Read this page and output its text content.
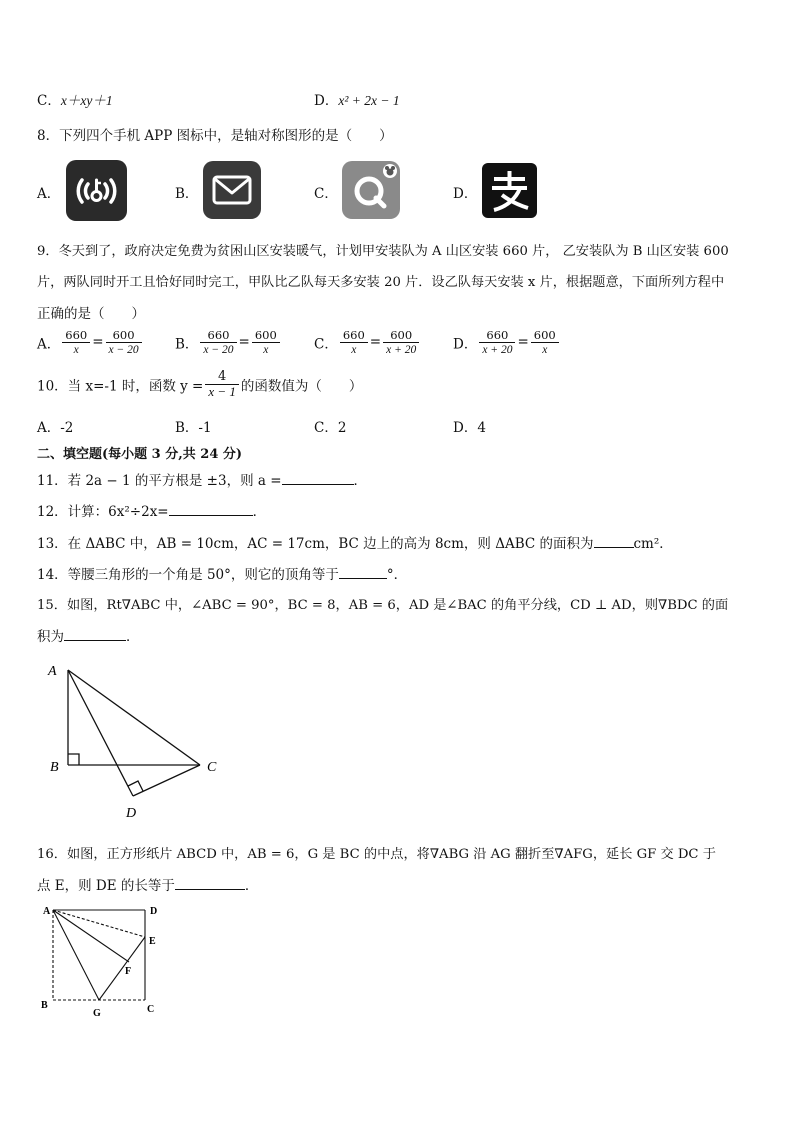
C．x＋xy＋1	D．x² + 2x − 1
8．下列四个手机 APP 图标中，是轴对称图形的是（　　）
A．	B．	C．	D．
9．冬天到了，政府决定免费为贫困山区安装暖气，计划甲安装队为 A 山区安装 660 片， 乙安装队为 B 山区安装 600
片，两队同时开工且恰好同时完工，甲队比乙队每天多安装 20 片．设乙队每天安装 x 片，根据题意，下面所列方程中
正确的是（　　）
A． $\frac{660}{x} = \frac{600}{x - 20}$ B． $\frac{660}{x - 20} = \frac{600}{x}$	C． $\frac{660}{x} = \frac{600}{x + 20}$	D． $\frac{660}{x + 20} = \frac{600}{x}$
10．当 x=-1 时，函数 $y = \frac{4}{x - 1}$ 的函数值为（　　）
A．-2	B．-1	C．2	D．4
二、填空题(每小题 3 分,共 24 分)
11．若 2a − 1 的平方根是 ±3，则 a =	．
12．计算：6x²÷2x=	．
13．在 ΔABC 中，AB = 10cm，AC = 17cm，BC 边上的高为 8cm，则 ΔABC 的面积为	cm²．
14．等腰三角形的一个角是 50°，则它的顶角等于	°．
15．如图，Rt∇ABC 中，∠ABC = 90°，BC = 8，AB = 6，AD 是∠BAC 的角平分线，CD ⊥ AD，则∇BDC 的面
积为	．
A
B	C
D
16．如图，正方形纸片 ABCD 中，AB = 6，G 是 BC 的中点，将∇ABG 沿 AG 翻折至∇AFG，延长 GF 交 DC 于
点 E，则 DE 的长等于	．
A	D
E
F
B
G	C
